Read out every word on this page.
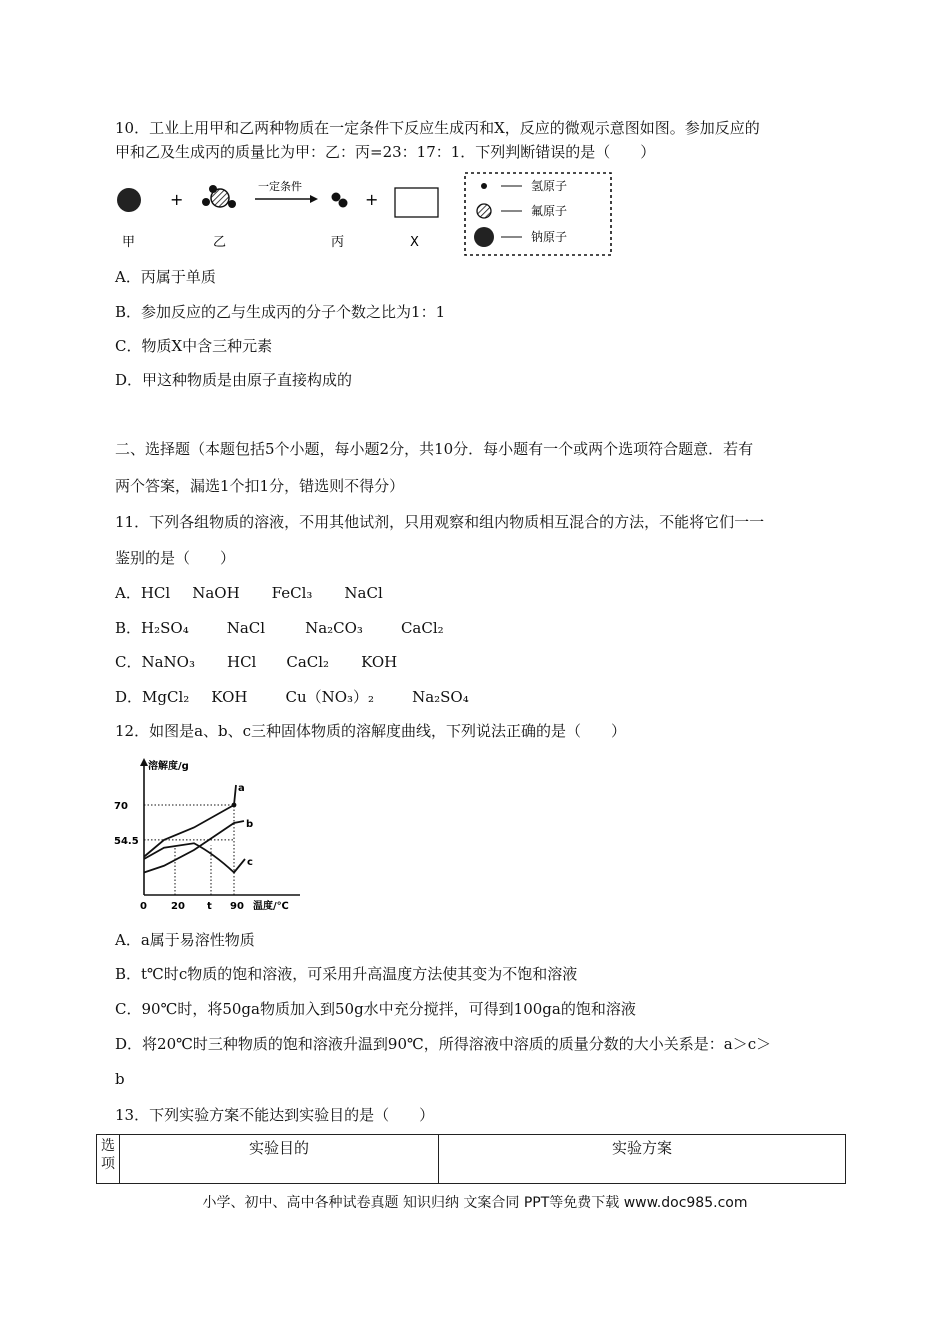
10．工业上用甲和乙两种物质在一定条件下反应生成丙和X，反应的微观示意图如图。参加反应的
甲和乙及生成丙的质量比为甲：乙：丙=23：17：1．下列判断错误的是（　　）
+
一定条件
+
甲	乙	丙	X
氢原子
氟原子
钠原子
A．丙属于单质
B．参加反应的乙与生成丙的分子个数之比为1：1
C．物质X中含三种元素
D．甲这种物质是由原子直接构成的
二、选择题（本题包括5个小题，每小题2分，共10分．每小题有一个或两个选项符合题意．若有
两个答案，漏选1个扣1分，错选则不得分）
11．下列各组物质的溶液，不用其他试剂，只用观察和组内物质相互混合的方法，不能将它们一一
鉴别的是（　　）
A．HCl NaOH FeCl₃ NaCl
B．H₂SO₄	NaCl	Na₂CO₃	CaCl₂
C．NaNO₃ HCl CaCl₂ KOH
D．MgCl₂ KOH	Cu（NO₃）₂	Na₂SO₄
12．如图是a、b、c三种固体物质的溶解度曲线，下列说法正确的是（　　）
溶解度/g
温度/℃
70
54.5
0 20 t 90
a
b
c
A．a属于易溶性物质
B．t℃时c物质的饱和溶液，可采用升高温度方法使其变为不饱和溶液
C．90℃时，将50ga物质加入到50g水中充分搅拌，可得到100ga的饱和溶液
D．将20℃时三种物质的饱和溶液升温到90℃，所得溶液中溶质的质量分数的大小关系是：a＞c＞
b
13．下列实验方案不能达到实验目的是（　　）
选项	实验目的	实验方案
小学、初中、高中各种试卷真题 知识归纳 文案合同 PPT等免费下载 www.doc985.com
